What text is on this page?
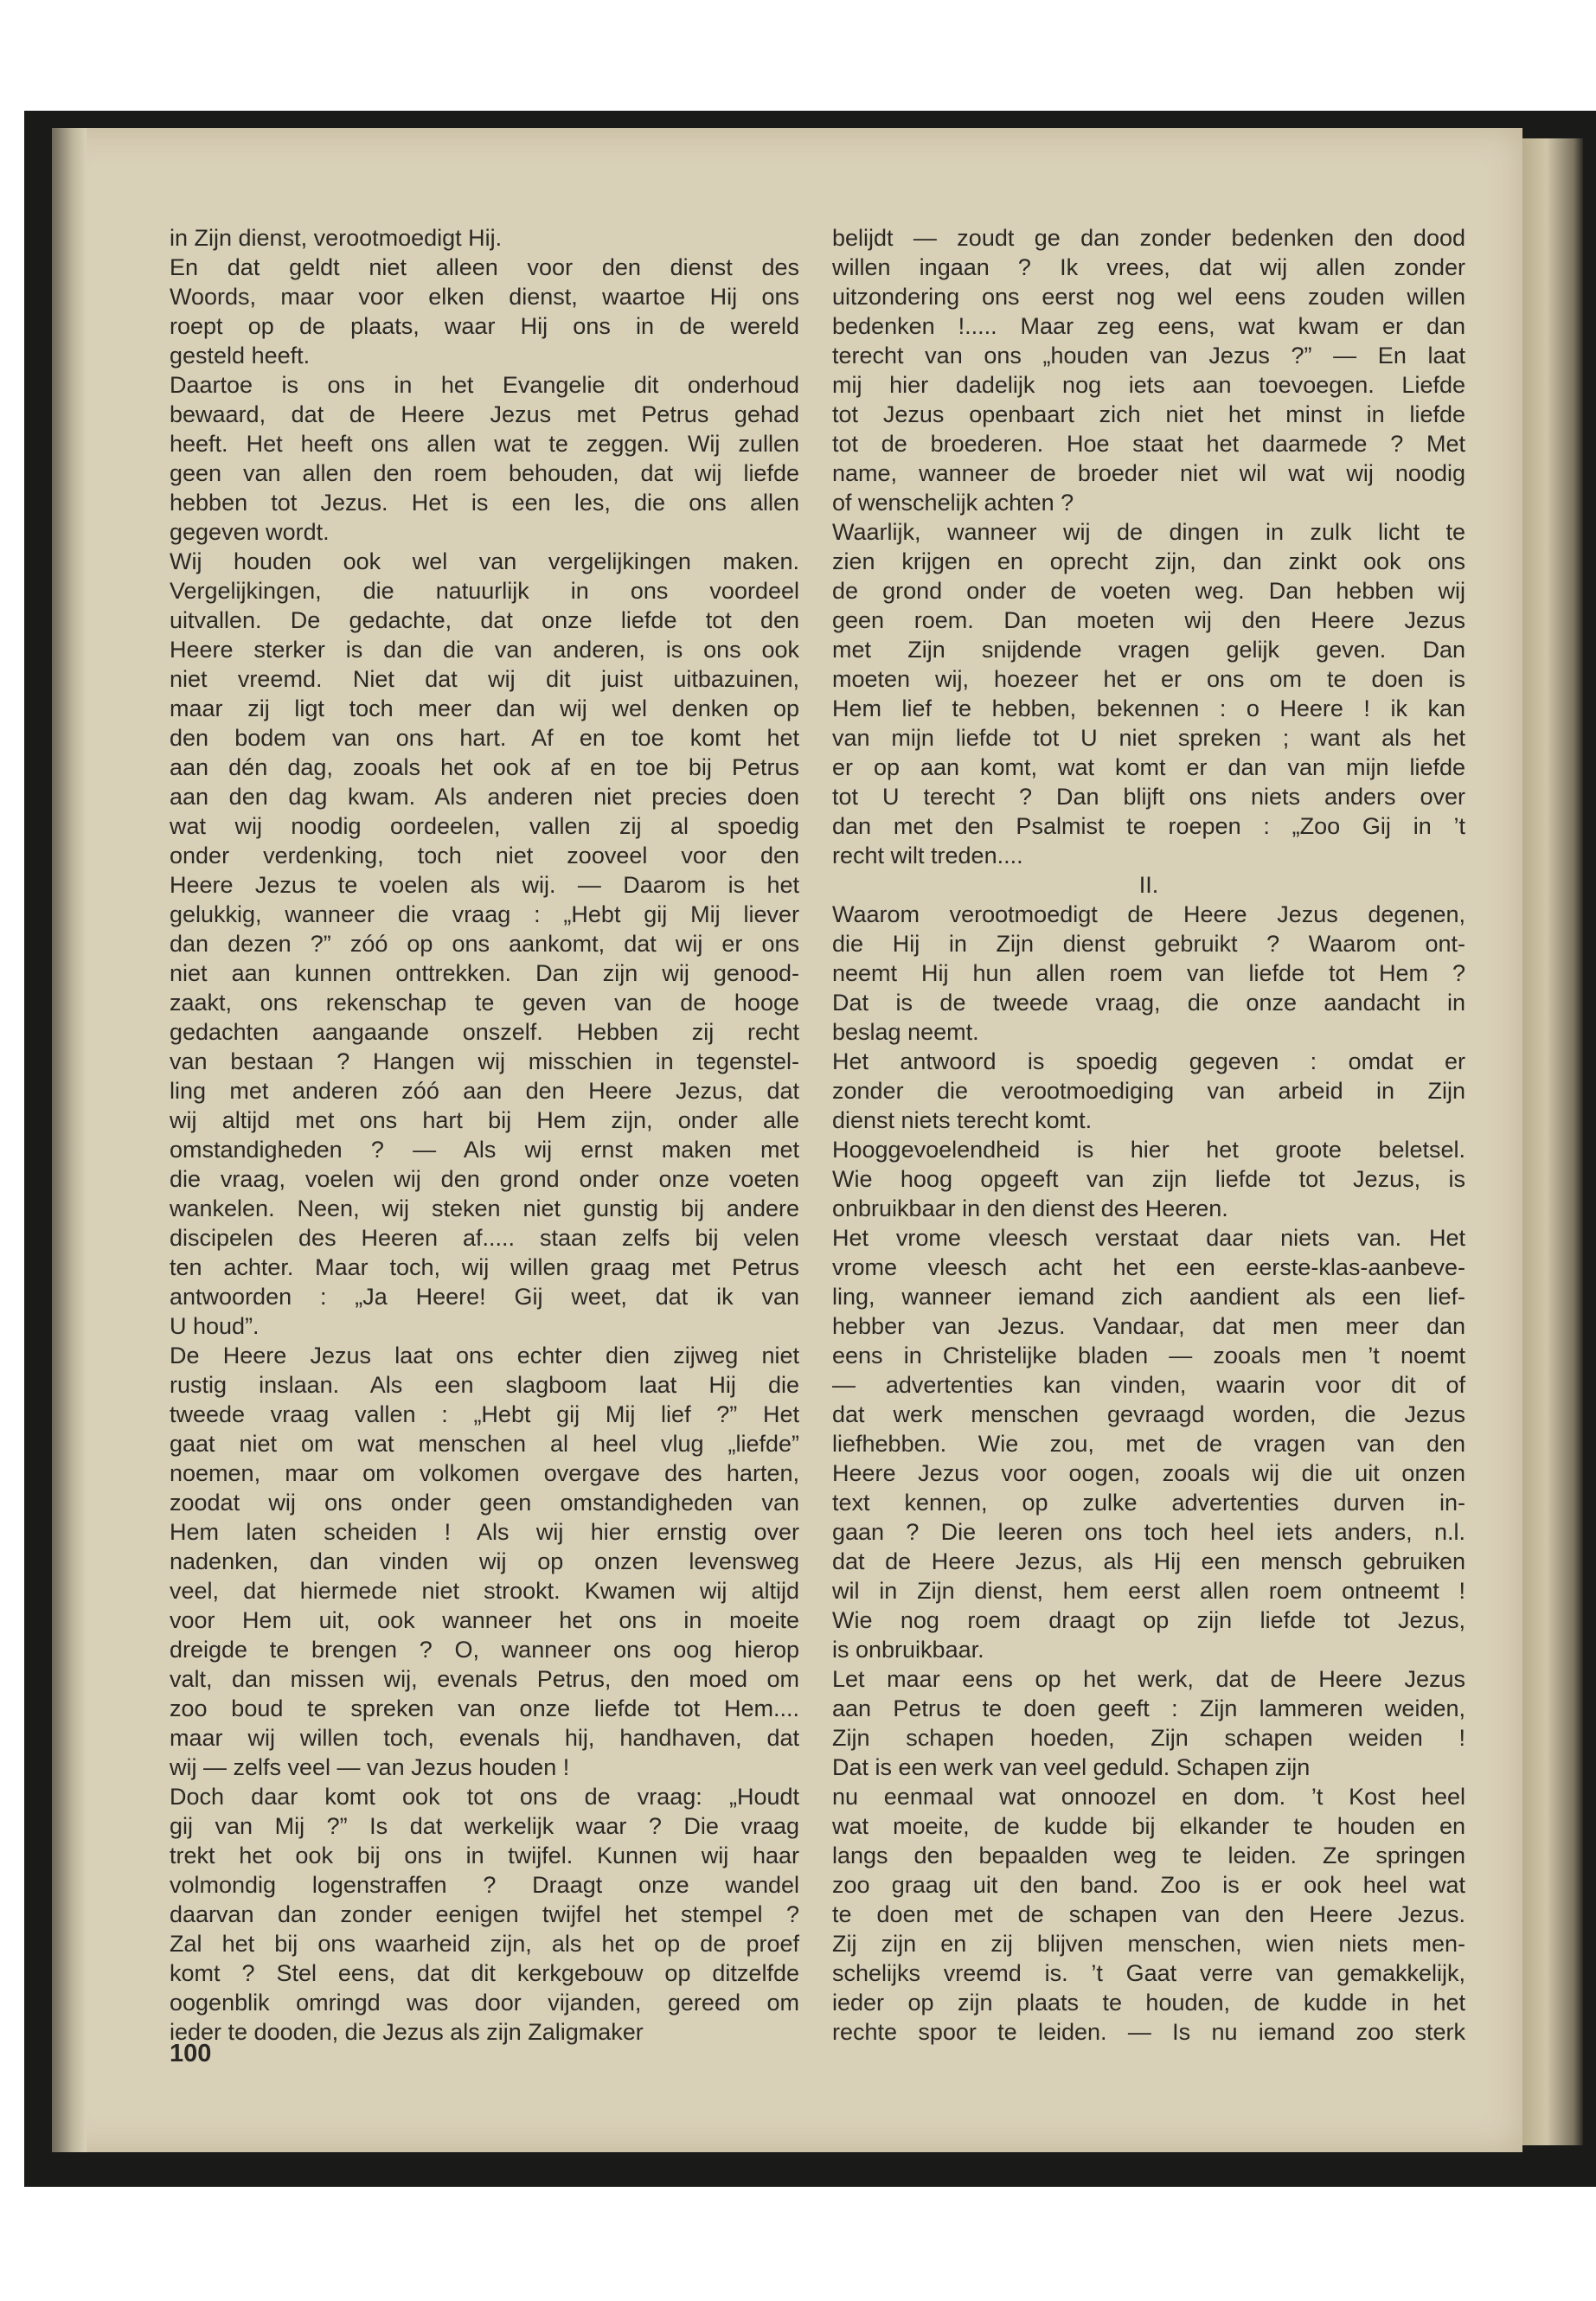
in Zijn dienst, verootmoedigt Hij.
En dat geldt niet alleen voor den dienst des
Woords, maar voor elken dienst, waartoe Hij ons
roept op de plaats, waar Hij ons in de wereld
gesteld heeft.
Daartoe is ons in het Evangelie dit onderhoud
bewaard, dat de Heere Jezus met Petrus gehad
heeft. Het heeft ons allen wat te zeggen. Wij zullen
geen van allen den roem behouden, dat wij liefde
hebben tot Jezus. Het is een les, die ons allen
gegeven wordt.
Wij houden ook wel van vergelijkingen maken.
Vergelijkingen, die natuurlijk in ons voordeel
uitvallen. De gedachte, dat onze liefde tot den
Heere sterker is dan die van anderen, is ons ook
niet vreemd. Niet dat wij dit juist uitbazuinen,
maar zij ligt toch meer dan wij wel denken op
den bodem van ons hart. Af en toe komt het
aan dén dag, zooals het ook af en toe bij Petrus
aan den dag kwam. Als anderen niet precies doen
wat wij noodig oordeelen, vallen zij al spoedig
onder verdenking, toch niet zooveel voor den
Heere Jezus te voelen als wij. — Daarom is het
gelukkig, wanneer die vraag : „Hebt gij Mij liever
dan dezen ?” zóó op ons aankomt, dat wij er ons
niet aan kunnen onttrekken. Dan zijn wij genood-
zaakt, ons rekenschap te geven van de hooge
gedachten aangaande onszelf. Hebben zij recht
van bestaan ? Hangen wij misschien in tegenstel-
ling met anderen zóó aan den Heere Jezus, dat
wij altijd met ons hart bij Hem zijn, onder alle
omstandigheden ? — Als wij ernst maken met
die vraag, voelen wij den grond onder onze voeten
wankelen. Neen, wij steken niet gunstig bij andere
discipelen des Heeren af..... staan zelfs bij velen
ten achter. Maar toch, wij willen graag met Petrus
antwoorden : „Ja Heere! Gij weet, dat ik van
U houd”.
De Heere Jezus laat ons echter dien zijweg niet
rustig inslaan. Als een slagboom laat Hij die
tweede vraag vallen : „Hebt gij Mij lief ?” Het
gaat niet om wat menschen al heel vlug „liefde”
noemen, maar om volkomen overgave des harten,
zoodat wij ons onder geen omstandigheden van
Hem laten scheiden ! Als wij hier ernstig over
nadenken, dan vinden wij op onzen levensweg
veel, dat hiermede niet strookt. Kwamen wij altijd
voor Hem uit, ook wanneer het ons in moeite
dreigde te brengen ? O, wanneer ons oog hierop
valt, dan missen wij, evenals Petrus, den moed om
zoo boud te spreken van onze liefde tot Hem....
maar wij willen toch, evenals hij, handhaven, dat
wij — zelfs veel — van Jezus houden !
Doch daar komt ook tot ons de vraag: „Houdt
gij van Mij ?” Is dat werkelijk waar ? Die vraag
trekt het ook bij ons in twijfel. Kunnen wij haar
volmondig logenstraffen ? Draagt onze wandel
daarvan dan zonder eenigen twijfel het stempel ?
Zal het bij ons waarheid zijn, als het op de proef
komt ? Stel eens, dat dit kerkgebouw op ditzelfde
oogenblik omringd was door vijanden, gereed om
ieder te dooden, die Jezus als zijn Zaligmaker
belijdt — zoudt ge dan zonder bedenken den dood
willen ingaan ? Ik vrees, dat wij allen zonder
uitzondering ons eerst nog wel eens zouden willen
bedenken !..... Maar zeg eens, wat kwam er dan
terecht van ons „houden van Jezus ?” — En laat
mij hier dadelijk nog iets aan toevoegen. Liefde
tot Jezus openbaart zich niet het minst in liefde
tot de broederen. Hoe staat het daarmede ? Met
name, wanneer de broeder niet wil wat wij noodig
of wenschelijk achten ?
Waarlijk, wanneer wij de dingen in zulk licht te
zien krijgen en oprecht zijn, dan zinkt ook ons
de grond onder de voeten weg. Dan hebben wij
geen roem. Dan moeten wij den Heere Jezus
met Zijn snijdende vragen gelijk geven. Dan
moeten wij, hoezeer het er ons om te doen is
Hem lief te hebben, bekennen : o Heere ! ik kan
van mijn liefde tot U niet spreken ; want als het
er op aan komt, wat komt er dan van mijn liefde
tot U terecht ? Dan blijft ons niets anders over
dan met den Psalmist te roepen : „Zoo Gij in ’t
recht wilt treden....
II.
Waarom verootmoedigt de Heere Jezus degenen,
die Hij in Zijn dienst gebruikt ? Waarom ont-
neemt Hij hun allen roem van liefde tot Hem ?
Dat is de tweede vraag, die onze aandacht in
beslag neemt.
Het antwoord is spoedig gegeven : omdat er
zonder die verootmoediging van arbeid in Zijn
dienst niets terecht komt.
Hooggevoelendheid is hier het groote beletsel.
Wie hoog opgeeft van zijn liefde tot Jezus, is
onbruikbaar in den dienst des Heeren.
Het vrome vleesch verstaat daar niets van. Het
vrome vleesch acht het een eerste-klas-aanbeve-
ling, wanneer iemand zich aandient als een lief-
hebber van Jezus. Vandaar, dat men meer dan
eens in Christelijke bladen — zooals men ’t noemt
— advertenties kan vinden, waarin voor dit of
dat werk menschen gevraagd worden, die Jezus
liefhebben. Wie zou, met de vragen van den
Heere Jezus voor oogen, zooals wij die uit onzen
text kennen, op zulke advertenties durven in-
gaan ? Die leeren ons toch heel iets anders, n.l.
dat de Heere Jezus, als Hij een mensch gebruiken
wil in Zijn dienst, hem eerst allen roem ontneemt !
Wie nog roem draagt op zijn liefde tot Jezus,
is onbruikbaar.
Let maar eens op het werk, dat de Heere Jezus
aan Petrus te doen geeft : Zijn lammeren weiden,
Zijn schapen hoeden, Zijn schapen weiden !
Dat is een werk van veel geduld. Schapen zijn
nu eenmaal wat onnoozel en dom. ’t Kost heel
wat moeite, de kudde bij elkander te houden en
langs den bepaalden weg te leiden. Ze springen
zoo graag uit den band. Zoo is er ook heel wat
te doen met de schapen van den Heere Jezus.
Zij zijn en zij blijven menschen, wien niets men-
schelijks vreemd is. ’t Gaat verre van gemakkelijk,
ieder op zijn plaats te houden, de kudde in het
rechte spoor te leiden. — Is nu iemand zoo sterk
100
